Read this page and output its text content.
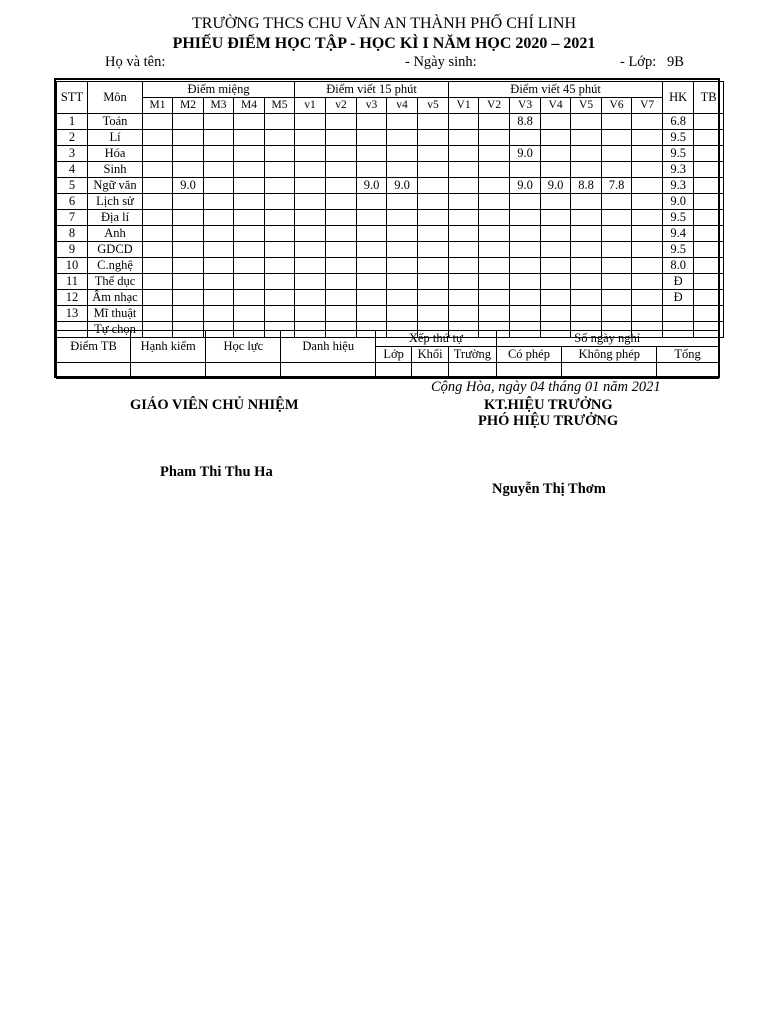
TRƯỜNG THCS CHU VĂN AN THÀNH PHỐ CHÍ LINH
PHIẾU ĐIỂM HỌC TẬP - HỌC KÌ I NĂM HỌC 2020 – 2021
Họ và tên:	- Ngày sinh:	- Lớp: 9B
STT	Môn	Điểm miệng					Điểm viết 15 phút					Điểm viết 45 phút							HK	TB
		M1	M2	M3	M4	M5	v1	v2	v3	v4	v5	V1	V2	V3	V4	V5	V6	V7		
1	Toán													8.8					6.8	
2	Lí																		9.5	
3	Hóa													9.0					9.5	
4	Sinh																		9.3	
5	Ngữ văn		9.0						9.0	9.0				9.0	9.0	8.8	7.8		9.3	
6	Lịch sử																		9.0	
7	Địa lí																		9.5	
8	Anh																		9.4	
9	GDCD																		9.5	
10	C.nghệ																		8.0	
11	Thể dục																		Đ	
12	Âm nhạc																		Đ	
13	Mĩ thuật																			
	Tự chọn																			
Điểm TB	Hạnh kiểm	Học lực	Danh hiệu	Xếp thứ tự			Số ngày nghỉ		
				Lớp	Khối	Trường	Có phép	Không phép	Tổng

Cộng Hòa, ngày 04 tháng 01 năm 2021
GIÁO VIÊN CHỦ NHIỆM	KT.HIỆU TRƯỞNG
PHÓ HIỆU TRƯỞNG
Pham Thi Thu Ha
Nguyễn Thị Thơm
